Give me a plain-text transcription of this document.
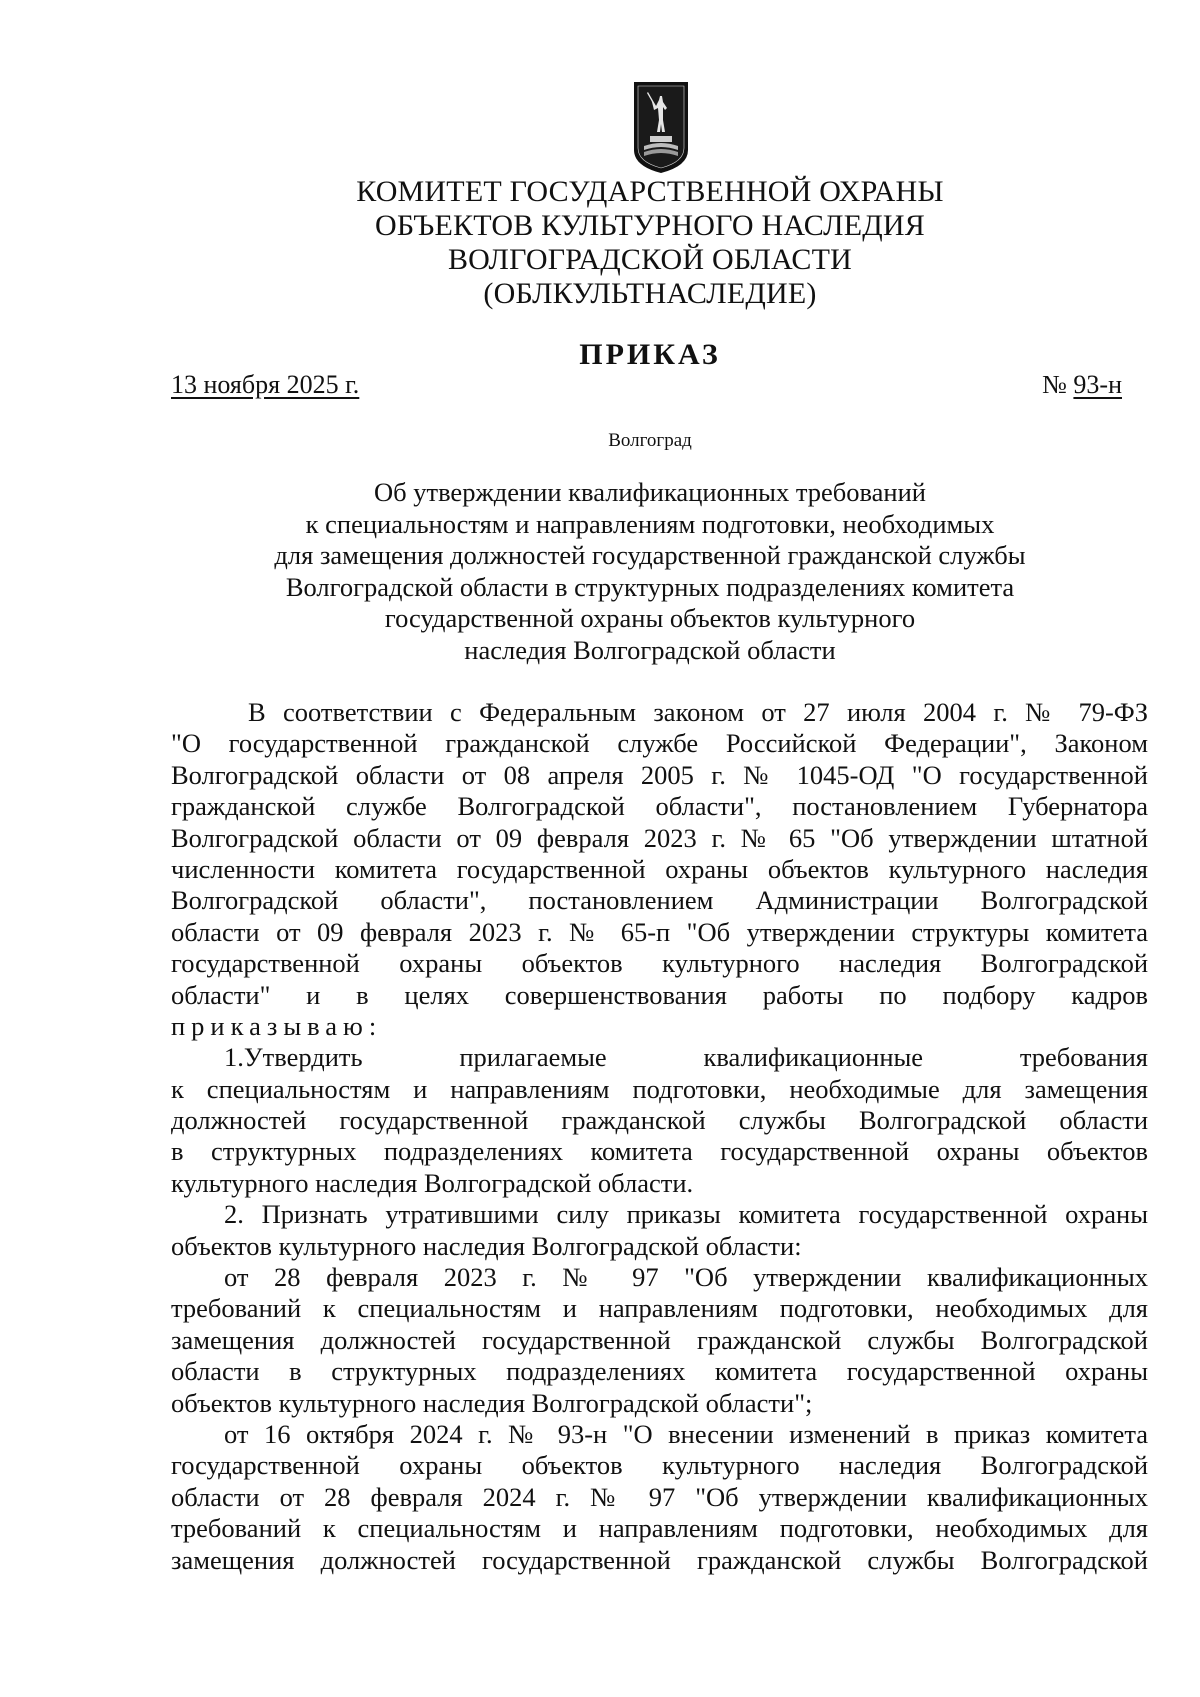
КОМИТЕТ ГОСУДАРСТВЕННОЙ ОХРАНЫ
ОБЪЕКТОВ КУЛЬТУРНОГО НАСЛЕДИЯ
ВОЛГОГРАДСКОЙ ОБЛАСТИ
(ОБЛКУЛЬТНАСЛЕДИЕ)
ПРИКАЗ
13 ноября 2025 г.	№ 93-н
Волгоград
Об утверждении квалификационных требований
к специальностям и направлениям подготовки, необходимых
для замещения должностей государственной гражданской службы
Волгоградской области в структурных подразделениях комитета
государственной охраны объектов культурного
наследия Волгоградской области
В соответствии с Федеральным законом от 27 июля 2004 г. № 79-ФЗ
"О государственной гражданской службе Российской Федерации", Законом
Волгоградской области от 08 апреля 2005 г. № 1045-ОД "О государственной
гражданской службе Волгоградской области", постановлением Губернатора
Волгоградской области от 09 февраля 2023 г. № 65 "Об утверждении штатной
численности комитета государственной охраны объектов культурного наследия
Волгоградской области", постановлением Администрации Волгоградской
области от 09 февраля 2023 г. № 65-п "Об утверждении структуры комитета
государственной охраны объектов культурного наследия Волгоградской
области" и в целях совершенствования работы по подбору кадров
приказываю:
1.Утвердить прилагаемые квалификационные требования
к специальностям и направлениям подготовки, необходимые для замещения
должностей государственной гражданской службы Волгоградской области
в структурных подразделениях комитета государственной охраны объектов
культурного наследия Волгоградской области.
2. Признать утратившими силу приказы комитета государственной охраны
объектов культурного наследия Волгоградской области:
от 28 февраля 2023 г. № 97 "Об утверждении квалификационных
требований к специальностям и направлениям подготовки, необходимых для
замещения должностей государственной гражданской службы Волгоградской
области в структурных подразделениях комитета государственной охраны
объектов культурного наследия Волгоградской области";
от 16 октября 2024 г. № 93-н "О внесении изменений в приказ комитета
государственной охраны объектов культурного наследия Волгоградской
области от 28 февраля 2024 г. № 97 "Об утверждении квалификационных
требований к специальностям и направлениям подготовки, необходимых для
замещения должностей государственной гражданской службы Волгоградской
